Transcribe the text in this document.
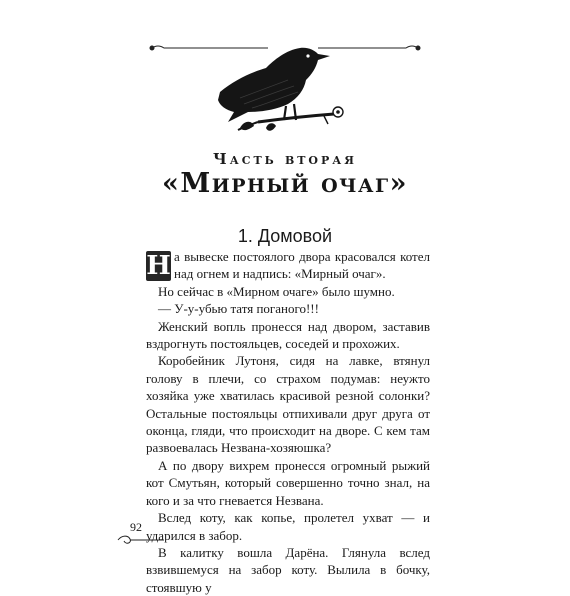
Часть вторая
«Мирный очаг»
1. Домовой

Н а вывеске постоялого двора красовался котел над огнем и надпись: «Мирный очаг».

Но сейчас в «Мирном очаге» было шумно.

— У-у-убью татя поганого!!!

Женский вопль пронесся над двором, заставив вздрогнуть постояльцев, соседей и прохожих.

Коробейник Лутоня, сидя на лавке, втянул голову в плечи, со страхом подумав: неужто хозяйка уже хватилась красивой резной солонки? Остальные постояльцы отпихивали друг друга от оконца, гляди, что происходит на дворе. С кем там развоевалась Незвана-хозяюшка?

А по двору вихрем пронесся огромный рыжий кот Смутьян, который совершенно точно знал, на кого и за что гневается Незвана.

Вслед коту, как копье, пролетел ухват — и ударился в забор.

В калитку вошла Дарёна. Глянула вслед взвившемуся на забор коту. Вылила в бочку, стоявшую у

92
